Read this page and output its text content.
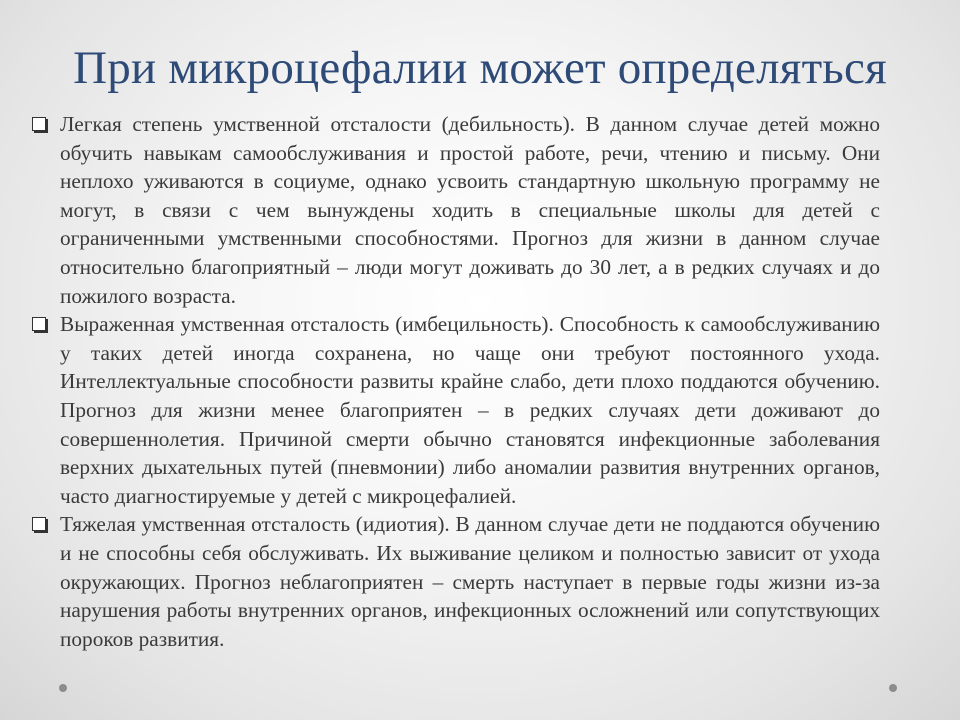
При микроцефалии может определяться
Легкая степень умственной отсталости (дебильность). В данном случае детей можно обучить навыкам самообслуживания и простой работе, речи, чтению и письму. Они неплохо уживаются в социуме, однако усвоить стандартную школьную программу не могут, в связи с чем вынуждены ходить в специальные школы для детей с ограниченными умственными способностями. Прогноз для жизни в данном случае относительно благоприятный – люди могут доживать до 30 лет, а в редких случаях и до пожилого возраста.
Выраженная умственная отсталость (имбецильность). Способность к самообслуживанию у таких детей иногда сохранена, но чаще они требуют постоянного ухода. Интеллектуальные способности развиты крайне слабо, дети плохо поддаются обучению. Прогноз для жизни менее благоприятен – в редких случаях дети доживают до совершеннолетия. Причиной смерти обычно становятся инфекционные заболевания верхних дыхательных путей (пневмонии) либо аномалии развития внутренних органов, часто диагностируемые у детей с микроцефалией.
Тяжелая умственная отсталость (идиотия). В данном случае дети не поддаются обучению и не способны себя обслуживать. Их выживание целиком и полностью зависит от ухода окружающих. Прогноз неблагоприятен – смерть наступает в первые годы жизни из-за нарушения работы внутренних органов, инфекционных осложнений или сопутствующих пороков развития.
